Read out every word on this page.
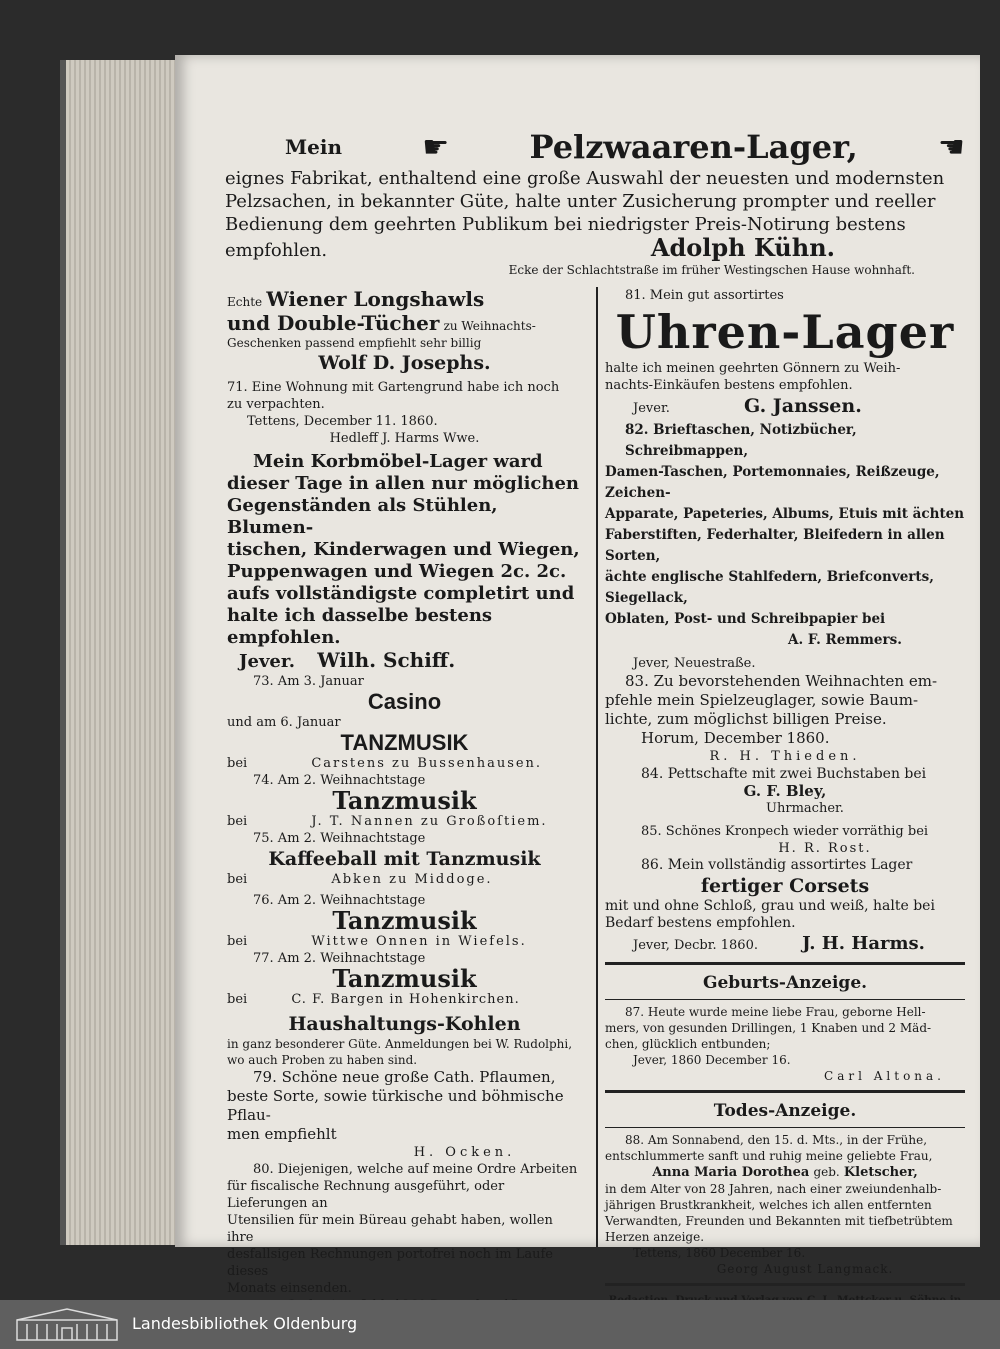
Mein	☛	Pelzwaaren-Lager,	☛

eignes Fabrikat, enthaltend eine große Auswahl der neuesten und modernsten

Pelzsachen, in bekannter Güte, halte unter Zusicherung prompter und reeller

Bedienung dem geehrten Publikum bei niedrigster Preis-Notirung bestens

empfohlen.	Adolph Kühn.

Ecke der Schlachtstraße im früher Westingschen Hause wohnhaft.

Echte Wiener Longshawls

und Double-Tücher zu Weihnachts-

Geschenken passend empfiehlt sehr billig

Wolf D. Josephs.

71. Eine Wohnung mit Gartengrund habe ich noch

zu verpachten.

Tettens, December 11. 1860.

Hedleff J. Harms Wwe.

Mein Korbmöbel-Lager ward

dieser Tage in allen nur möglichen

Gegenständen als Stühlen, Blumen-

tischen, Kinderwagen und Wiegen,

Puppenwagen und Wiegen 2c. 2c.

aufs vollständigste completirt und

halte ich dasselbe bestens empfohlen.

Jever. Wilh. Schiff.

73. Am 3. Januar

Casino

und am 6. Januar

TANZMUSIK

bei	Carstens zu Bussenhausen.

74. Am 2. Weihnachtstage

Tanzmusik

bei	J. T. Nannen zu Großoſtiem.

75. Am 2. Weihnachtstage

Kaffeeball mit Tanzmusik

bei	Abken zu Middoge.

76. Am 2. Weihnachtstage

Tanzmusik

bei	Wittwe Onnen in Wiefels.

77. Am 2. Weihnachtstage

Tanzmusik

bei	C. F. Bargen in Hohenkirchen.

Haushaltungs-Kohlen

in ganz besonderer Güte. Anmeldungen bei W. Rudolphi,

wo auch Proben zu haben sind.

79. Schöne neue große Cath. Pflaumen,

beste Sorte, sowie türkische und böhmische Pflau-

men empfiehlt

H. Ocken.

80. Diejenigen, welche auf meine Ordre Arbeiten

für fiscalische Rechnung ausgeführt, oder Lieferungen an

Utensilien für mein Büreau gehabt haben, wollen ihre

desfallsigen Rechnungen portofrei noch im Laufe dieses

Monats einsenden.

81. Mein gut assortirtes

Uhren-Lager

halte ich meinen geehrten Gönnern zu Weih-

nachts-Einkäufen bestens empfohlen.

Jever.	G. Janssen.

82. Brieftaschen, Notizbücher, Schreibmappen,

Damen-Taschen, Portemonnaies, Reißzeuge, Zeichen-

Apparate, Papeteries, Albums, Etuis mit ächten

Faberstiften, Federhalter, Bleifedern in allen Sorten,

ächte englische Stahlfedern, Briefconverts, Siegellack,

Oblaten, Post- und Schreibpapier bei

A. F. Remmers.

Jever, Neuestraße.

83. Zu bevorstehenden Weihnachten em-

pfehle mein Spielzeuglager, sowie Baum-

lichte, zum möglichst billigen Preise.

Horum, December 1860.

R. H. Thieden.

84. Pettschafte mit zwei Buchstaben bei

G. F. Bley,

Uhrmacher.

85. Schönes Kronpech wieder vorräthig bei

H. R. Rost.

86. Mein vollständig assortirtes Lager

fertiger Corsets

mit und ohne Schloß, grau und weiß, halte bei

Bedarf bestens empfohlen.

Jever, Decbr. 1860. J. H. Harms.

Geburts-Anzeige.

87. Heute wurde meine liebe Frau, geborne Hell-

mers, von gesunden Drillingen, 1 Knaben und 2 Mäd-

chen, glücklich entbunden;

Jever, 1860 December 16.

Carl Altona.

Todes-Anzeige.

88. Am Sonnabend, den 15. d. Mts., in der Frühe,

entschlummerte sanft und ruhig meine geliebte Frau,

Anna Maria Dorothea geb. Kletscher,

in dem Alter von 28 Jahren, nach einer zweiundenhalb-

jährigen Brustkrankheit, welches ich allen entfernten

Verwandten, Freunden und Bekannten mit tiefbetrübtem

Herzen anzeige.

Tettens, 1860 December 16.

Georg August Langmack.

Landesbibliothek Oldenburg
